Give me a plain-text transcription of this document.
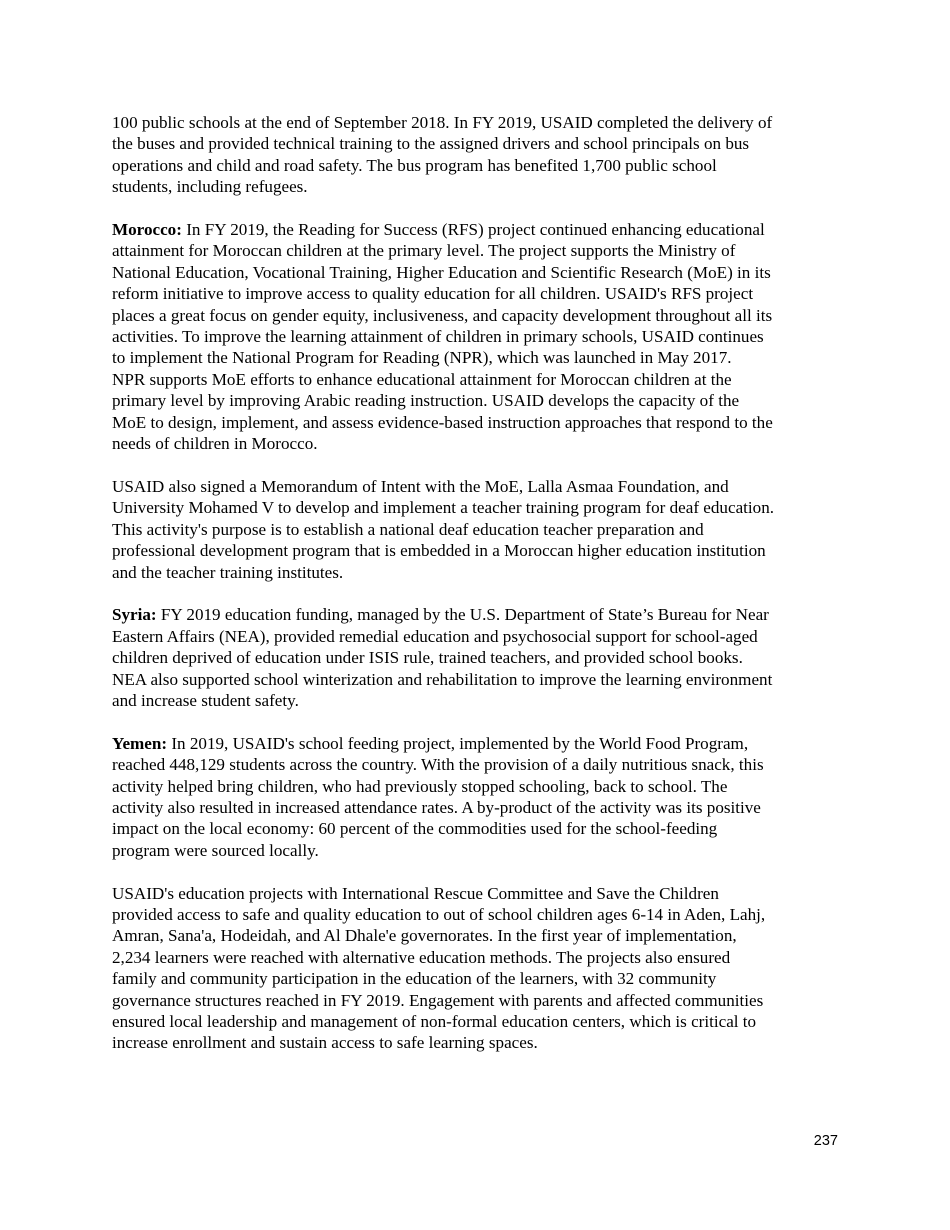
100 public schools at the end of September 2018. In FY 2019, USAID completed the delivery of
the buses and provided technical training to the assigned drivers and school principals on bus
operations and child and road safety. The bus program has benefited 1,700 public school
students, including refugees.

Morocco: In FY 2019, the Reading for Success (RFS) project continued enhancing educational
attainment for Moroccan children at the primary level. The project supports the Ministry of
National Education, Vocational Training, Higher Education and Scientific Research (MoE) in its
reform initiative to improve access to quality education for all children. USAID's RFS project
places a great focus on gender equity, inclusiveness, and capacity development throughout all its
activities. To improve the learning attainment of children in primary schools, USAID continues
to implement the National Program for Reading (NPR), which was launched in May 2017.
NPR supports MoE efforts to enhance educational attainment for Moroccan children at the
primary level by improving Arabic reading instruction. USAID develops the capacity of the
MoE to design, implement, and assess evidence-based instruction approaches that respond to the
needs of children in Morocco.

USAID also signed a Memorandum of Intent with the MoE, Lalla Asmaa Foundation, and
University Mohamed V to develop and implement a teacher training program for deaf education.
This activity's purpose is to establish a national deaf education teacher preparation and
professional development program that is embedded in a Moroccan higher education institution
and the teacher training institutes.

Syria: FY 2019 education funding, managed by the U.S. Department of State’s Bureau for Near
Eastern Affairs (NEA), provided remedial education and psychosocial support for school-aged
children deprived of education under ISIS rule, trained teachers, and provided school books.
NEA also supported school winterization and rehabilitation to improve the learning environment
and increase student safety.

Yemen: In 2019, USAID's school feeding project, implemented by the World Food Program,
reached 448,129 students across the country. With the provision of a daily nutritious snack, this
activity helped bring children, who had previously stopped schooling, back to school. The
activity also resulted in increased attendance rates. A by-product of the activity was its positive
impact on the local economy: 60 percent of the commodities used for the school-feeding
program were sourced locally.

USAID's education projects with International Rescue Committee and Save the Children
provided access to safe and quality education to out of school children ages 6-14 in Aden, Lahj,
Amran, Sana'a, Hodeidah, and Al Dhale'e governorates. In the first year of implementation,
2,234 learners were reached with alternative education methods. The projects also ensured
family and community participation in the education of the learners, with 32 community
governance structures reached in FY 2019. Engagement with parents and affected communities
ensured local leadership and management of non-formal education centers, which is critical to
increase enrollment and sustain access to safe learning spaces.

237
